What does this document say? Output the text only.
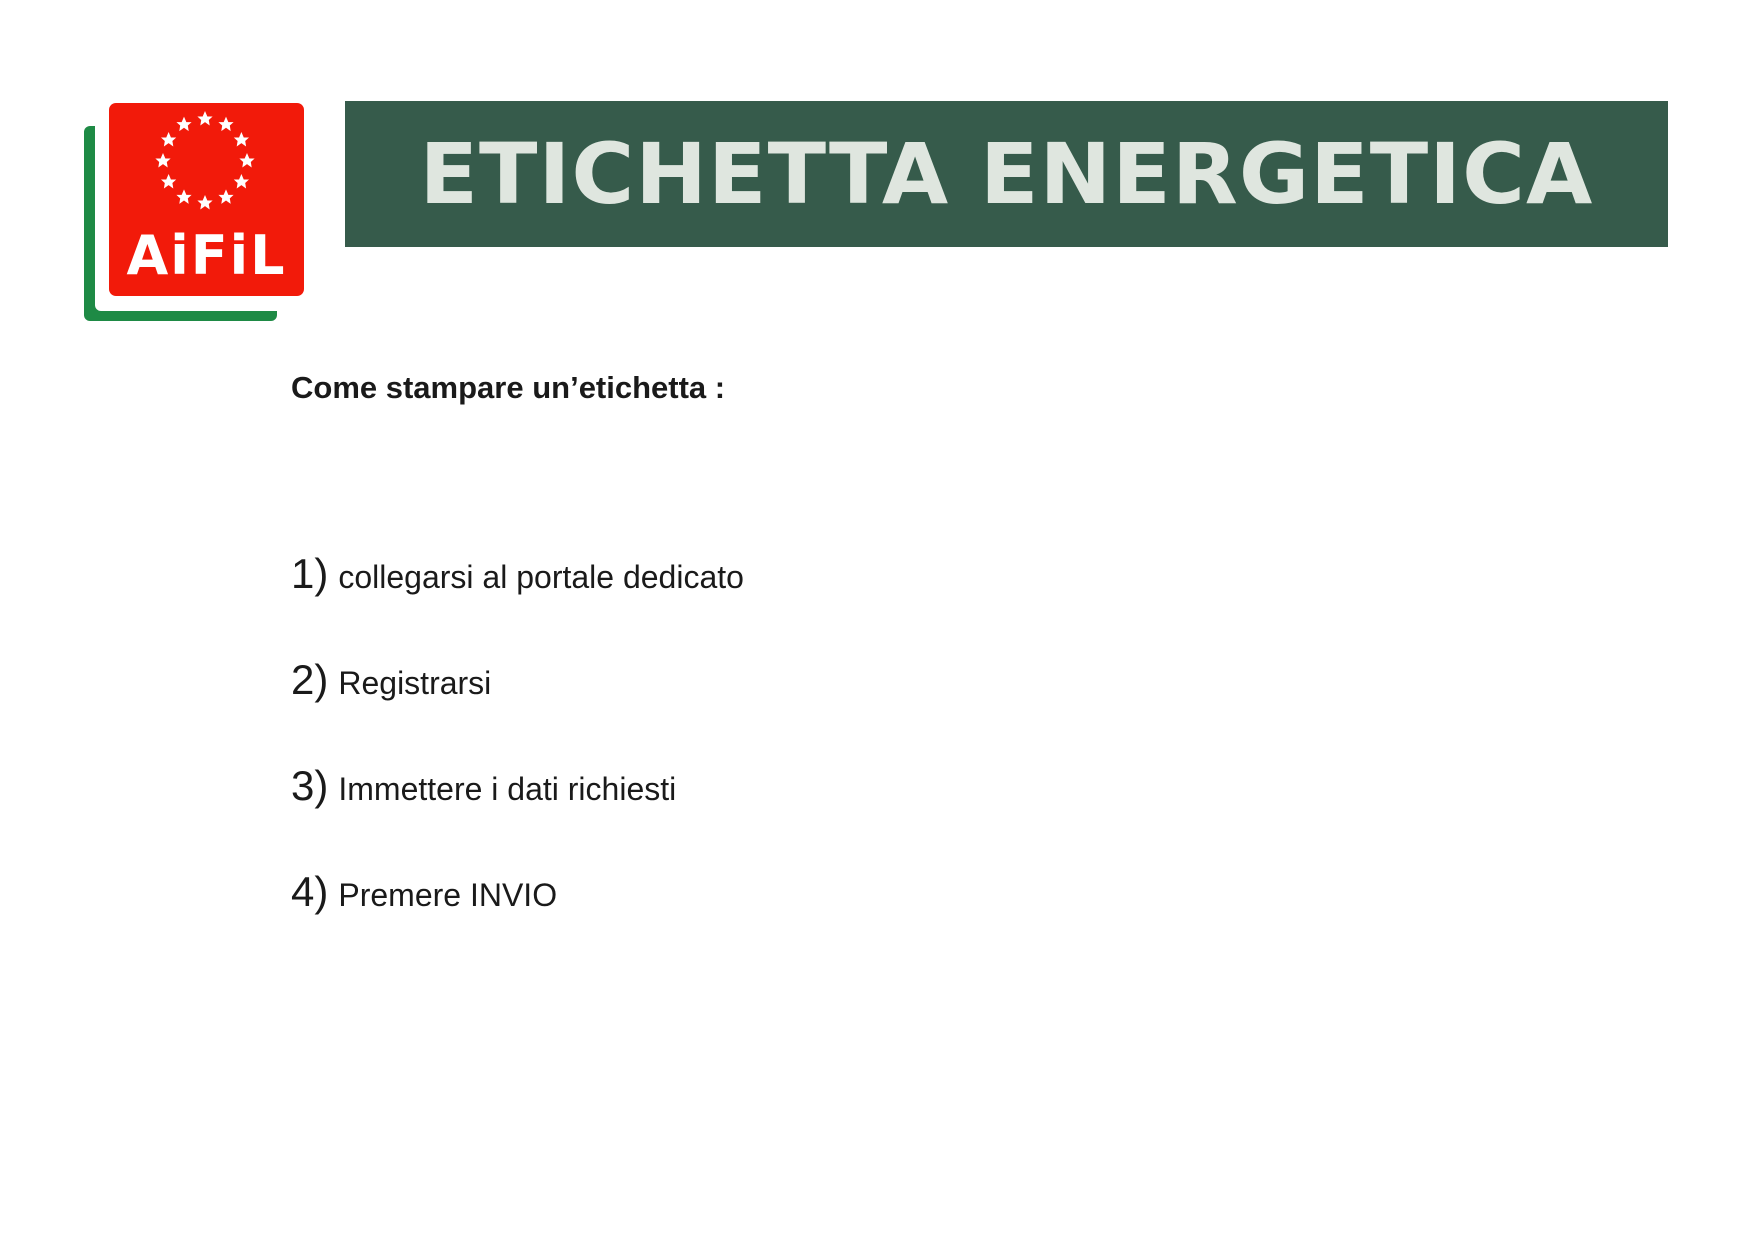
AiFiL
ETICHETTA ENERGETICA
Come stampare un’etichetta :
1) collegarsi al portale dedicato
2) Registrarsi
3) Immettere i dati richiesti
4) Premere INVIO
